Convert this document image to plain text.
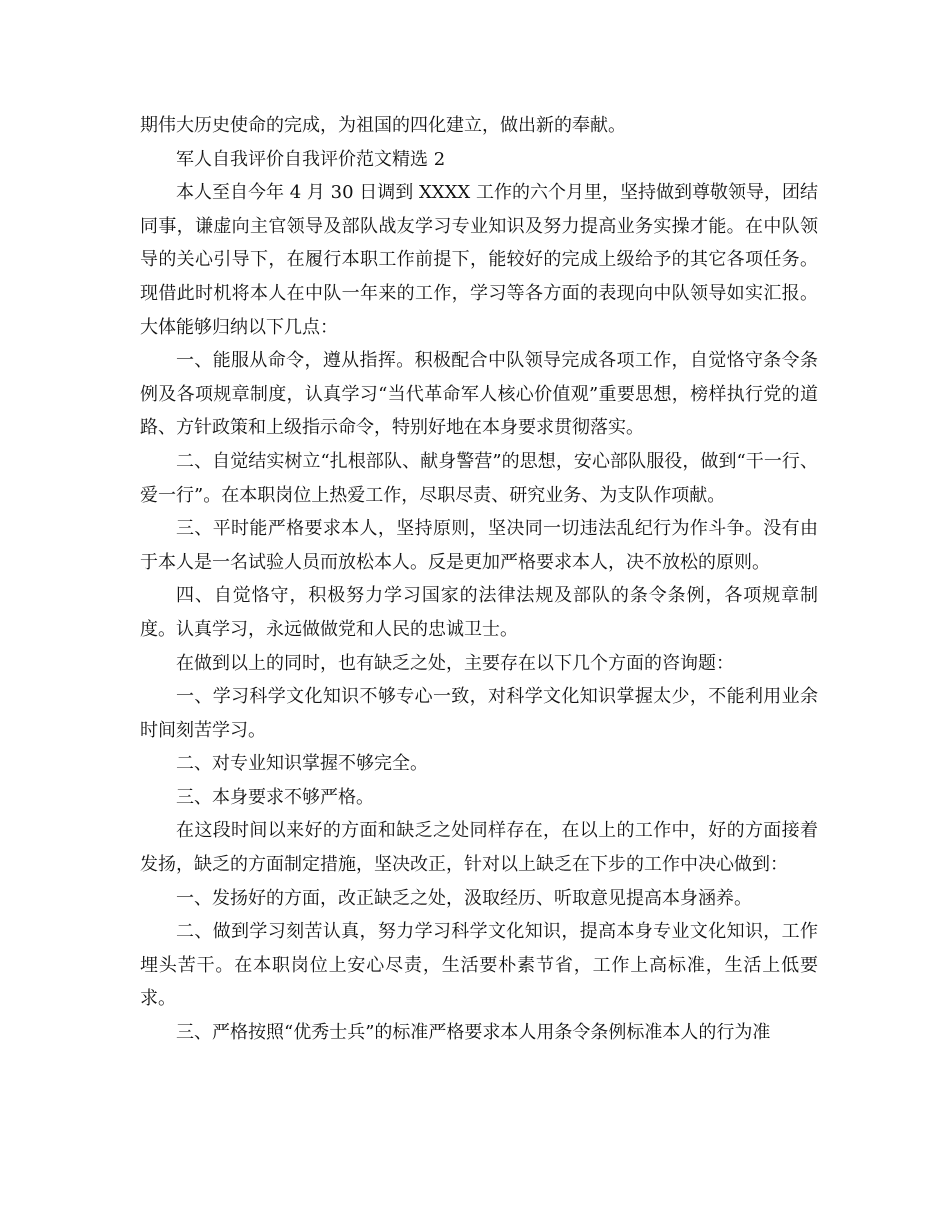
期伟大历史使命的完成，为祖国的四化建立，做出新的奉献。

军人自我评价自我评价范文精选 2

本人至自今年 4 月 30 日调到 XXXX 工作的六个月里，坚持做到尊敬领导，团结同事，谦虚向主官领导及部队战友学习专业知识及努力提高业务实操才能。在中队领导的关心引导下，在履行本职工作前提下，能较好的完成上级给予的其它各项任务。现借此时机将本人在中队一年来的工作，学习等各方面的表现向中队领导如实汇报。大体能够归纳以下几点：

一、能服从命令，遵从指挥。积极配合中队领导完成各项工作，自觉恪守条令条例及各项规章制度，认真学习“当代革命军人核心价值观”重要思想，榜样执行党的道路、方针政策和上级指示命令，特别好地在本身要求贯彻落实。

二、自觉结实树立“扎根部队、献身警营”的思想，安心部队服役，做到“干一行、爱一行”。在本职岗位上热爱工作，尽职尽责、研究业务、为支队作项献。

三、平时能严格要求本人，坚持原则，坚决同一切违法乱纪行为作斗争。没有由于本人是一名试验人员而放松本人。反是更加严格要求本人，决不放松的原则。

四、自觉恪守，积极努力学习国家的法律法规及部队的条令条例，各项规章制度。认真学习，永远做做党和人民的忠诚卫士。

在做到以上的同时，也有缺乏之处，主要存在以下几个方面的咨询题：

一、学习科学文化知识不够专心一致，对科学文化知识掌握太少，不能利用业余时间刻苦学习。

二、对专业知识掌握不够完全。

三、本身要求不够严格。

在这段时间以来好的方面和缺乏之处同样存在，在以上的工作中，好的方面接着发扬，缺乏的方面制定措施，坚决改正，针对以上缺乏在下步的工作中决心做到：

一、发扬好的方面，改正缺乏之处，汲取经历、听取意见提高本身涵养。

二、做到学习刻苦认真，努力学习科学文化知识，提高本身专业文化知识，工作埋头苦干。在本职岗位上安心尽责，生活要朴素节省，工作上高标准，生活上低要求。

三、严格按照“优秀士兵”的标准严格要求本人用条令条例标准本人的行为准
